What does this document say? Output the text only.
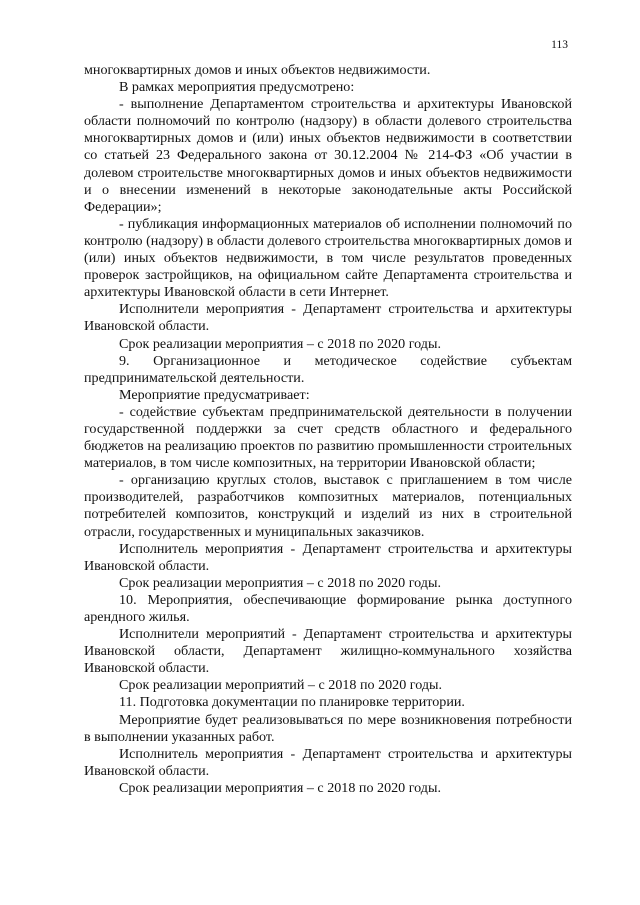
113

многоквартирных домов и иных объектов недвижимости.

В рамках мероприятия предусмотрено:

- выполнение Департаментом строительства и архитектуры Ивановской области полномочий по контролю (надзору) в области долевого строительства многоквартирных домов и (или) иных объектов недвижимости в соответствии со статьей 23 Федерального закона от 30.12.2004 № 214-ФЗ «Об участии в долевом строительстве многоквартирных домов и иных объектов недвижимости и о внесении изменений в некоторые законодательные акты Российской Федерации»;

- публикация информационных материалов об исполнении полномочий по контролю (надзору) в области долевого строительства многоквартирных домов и (или) иных объектов недвижимости, в том числе результатов проведенных проверок застройщиков, на официальном сайте Департамента строительства и архитектуры Ивановской области в сети Интернет.

Исполнители мероприятия - Департамент строительства и архитектуры Ивановской области.

Срок реализации мероприятия – с 2018 по 2020 годы.

9. Организационное и методическое содействие субъектам предпринимательской деятельности.

Мероприятие предусматривает:

- содействие субъектам предпринимательской деятельности в получении государственной поддержки за счет средств областного и федерального бюджетов на реализацию проектов по развитию промышленности строительных материалов, в том числе композитных, на территории Ивановской области;

- организацию круглых столов, выставок с приглашением в том числе производителей, разработчиков композитных материалов, потенциальных потребителей композитов, конструкций и изделий из них в строительной отрасли, государственных и муниципальных заказчиков.

Исполнитель мероприятия - Департамент строительства и архитектуры Ивановской области.

Срок реализации мероприятия – с 2018 по 2020 годы.

10. Мероприятия, обеспечивающие формирование рынка доступного арендного жилья.

Исполнители мероприятий - Департамент строительства и архитектуры Ивановской области, Департамент жилищно-коммунального хозяйства Ивановской области.

Срок реализации мероприятий – с 2018 по 2020 годы.

11. Подготовка документации по планировке территории.

Мероприятие будет реализовываться по мере возникновения потребности в выполнении указанных работ.

Исполнитель мероприятия - Департамент строительства и архитектуры Ивановской области.

Срок реализации мероприятия – с 2018 по 2020 годы.
